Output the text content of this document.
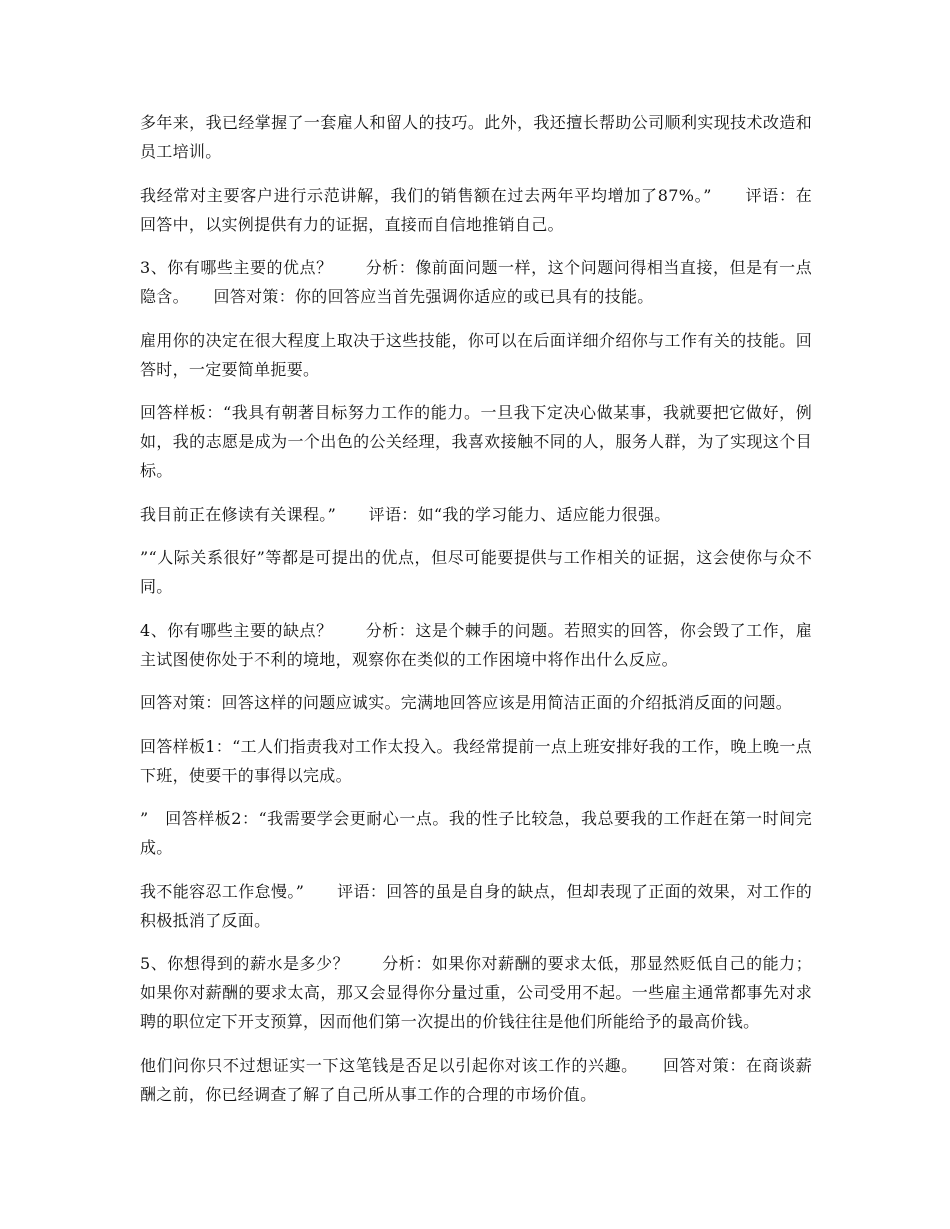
多年来，我已经掌握了一套雇人和留人的技巧。此外，我还擅长帮助公司顺利实现技术改造和员工培训。

我经常对主要客户进行示范讲解，我们的销售额在过去两年平均增加了87%。”　　评语：在回答中，以实例提供有力的证据，直接而自信地推销自己。

3、你有哪些主要的优点？　　分析：像前面问题一样，这个问题问得相当直接，但是有一点隐含。　　回答对策：你的回答应当首先强调你适应的或已具有的技能。

雇用你的决定在很大程度上取决于这些技能，你可以在后面详细介绍你与工作有关的技能。回答时，一定要简单扼要。

回答样板：“我具有朝著目标努力工作的能力。一旦我下定决心做某事，我就要把它做好，例如，我的志愿是成为一个出色的公关经理，我喜欢接触不同的人，服务人群，为了实现这个目标。

我目前正在修读有关课程。”　　评语：如“我的学习能力、适应能力很强。

”“人际关系很好”等都是可提出的优点，但尽可能要提供与工作相关的证据，这会使你与众不同。

4、你有哪些主要的缺点？　　分析：这是个棘手的问题。若照实的回答，你会毁了工作，雇主试图使你处于不利的境地，观察你在类似的工作困境中将作出什么反应。

回答对策：回答这样的问题应诚实。完满地回答应该是用简洁正面的介绍抵消反面的问题。

回答样板1：“工人们指责我对工作太投入。我经常提前一点上班安排好我的工作，晚上晚一点下班，使要干的事得以完成。

”　回答样板2：“我需要学会更耐心一点。我的性子比较急，我总要我的工作赶在第一时间完成。

我不能容忍工作怠慢。”　　评语：回答的虽是自身的缺点，但却表现了正面的效果，对工作的积极抵消了反面。

5、你想得到的薪水是多少？　　分析：如果你对薪酬的要求太低，那显然贬低自己的能力；如果你对薪酬的要求太高，那又会显得你分量过重，公司受用不起。一些雇主通常都事先对求聘的职位定下开支预算，因而他们第一次提出的价钱往往是他们所能给予的最高价钱。

他们问你只不过想证实一下这笔钱是否足以引起你对该工作的兴趣。　　回答对策：在商谈薪酬之前，你已经调查了解了自己所从事工作的合理的市场价值。
